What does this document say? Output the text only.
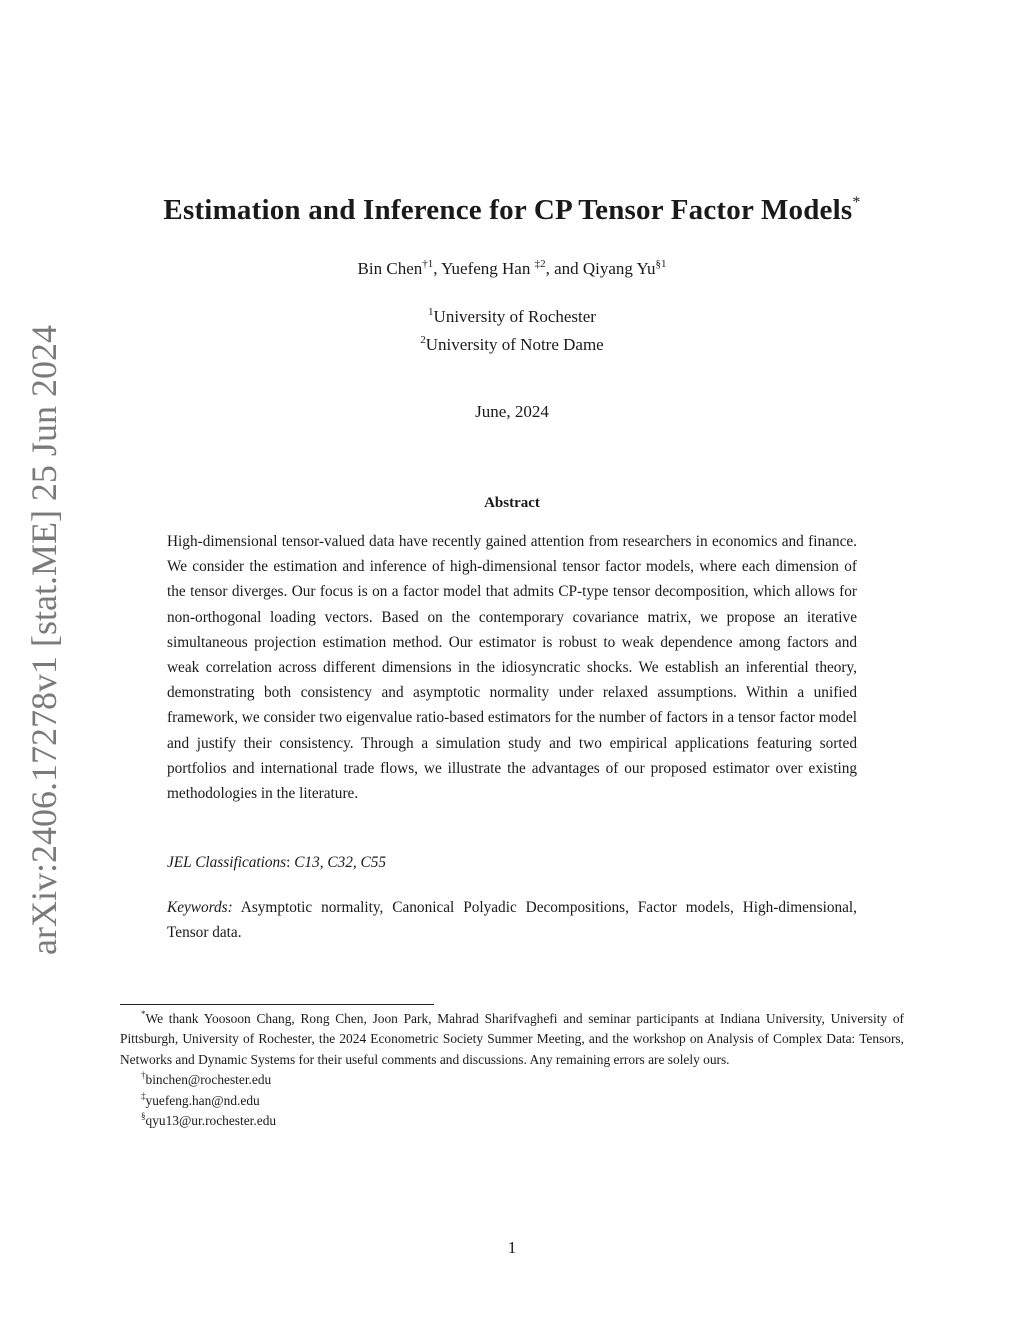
arXiv:2406.17278v1 [stat.ME] 25 Jun 2024
Estimation and Inference for CP Tensor Factor Models*
Bin Chen$^{\dagger 1}$, Yuefeng Han $^{\ddagger 2}$, and Qiyang Yu$^{\S 1}$
$^1$University of Rochester
$^2$University of Notre Dame
June, 2024
Abstract

High-dimensional tensor-valued data have recently gained attention from researchers in economics and finance. We consider the estimation and inference of high-dimensional tensor factor models, where each dimension of the tensor diverges. Our focus is on a factor model that admits CP-type tensor decomposition, which allows for non-orthogonal loading vectors. Based on the contemporary covariance matrix, we propose an iterative simultaneous projection estimation method. Our estimator is robust to weak dependence among factors and weak correlation across different dimensions in the idiosyncratic shocks. We establish an inferential theory, demonstrating both consistency and asymptotic normality under relaxed assumptions. Within a unified framework, we consider two eigenvalue ratio-based estimators for the number of factors in a tensor factor model and justify their consistency. Through a simulation study and two empirical applications featuring sorted portfolios and international trade flows, we illustrate the advantages of our proposed estimator over existing methodologies in the literature.

JEL Classifications: C13, C32, C55

Keywords: Asymptotic normality, Canonical Polyadic Decompositions, Factor models, High-dimensional, Tensor data.

*We thank Yoosoon Chang, Rong Chen, Joon Park, Mahrad Sharifvaghefi and seminar participants at Indiana University, University of Pittsburgh, University of Rochester, the 2024 Econometric Society Summer Meeting, and the workshop on Analysis of Complex Data: Tensors, Networks and Dynamic Systems for their useful comments and discussions. Any remaining errors are solely ours.

†binchen@rochester.edu

‡yuefeng.han@nd.edu

§qyu13@ur.rochester.edu

1
